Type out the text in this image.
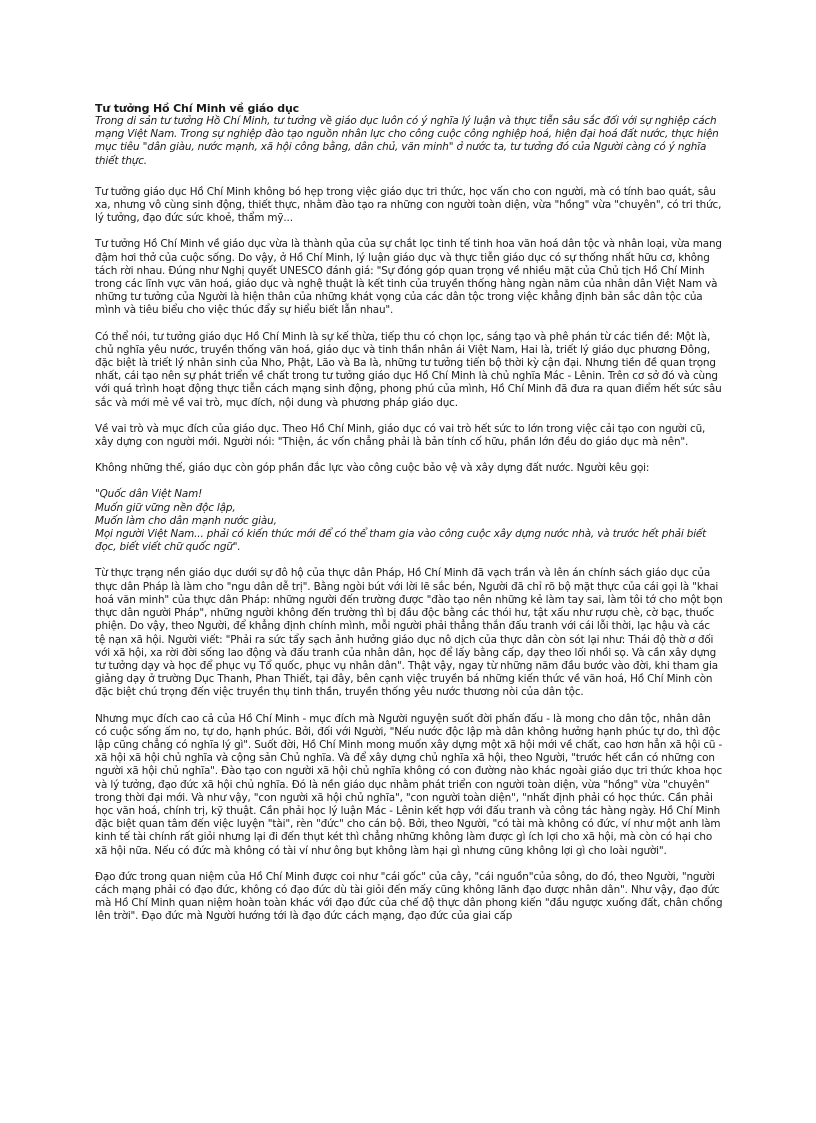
Tư tưởng Hồ Chí Minh về giáo dục

Trong di sản tư tưởng Hồ Chí Minh, tư tưởng về giáo dục luôn có ý nghĩa lý luận và thực tiễn sâu sắc đối với sự nghiệp cách mạng Việt Nam. Trong sự nghiệp đào tạo nguồn nhân lực cho công cuộc công nghiệp hoá, hiện đại hoá đất nước, thực hiện mục tiêu "dân giàu, nước mạnh, xã hội công bằng, dân chủ, văn minh" ở nước ta, tư tưởng đó của Người càng có ý nghĩa thiết thực.

Tư tưởng giáo dục Hồ Chí Minh không bó hẹp trong việc giáo dục tri thức, học vấn cho con người, mà có tính bao quát, sâu xa, nhưng vô cùng sinh động, thiết thực, nhằm đào tạo ra những con người toàn diện, vừa "hồng" vừa "chuyên", có tri thức, lý tưởng, đạo đức sức khoẻ, thẩm mỹ...

Tư tưởng Hồ Chí Minh về giáo dục vừa là thành qủa của sự chắt lọc tinh tế tinh hoa văn hoá dân tộc và nhân loại, vừa mang đậm hơi thở của cuộc sống. Do vậy, ở Hồ Chí Minh, lý luận giáo dục và thực tiễn giáo dục có sự thống nhất hữu cơ, không tách rời nhau. Đúng như Nghị quyết UNESCO đánh giá: "Sự đóng góp quan trọng về nhiều mặt của Chủ tịch Hồ Chí Minh trong các lĩnh vực văn hoá, giáo dục và nghệ thuật là kết tinh của truyền thống hàng ngàn năm của nhân dân Việt Nam và những tư tưởng của Người là hiện thân của những khát vọng của các dân tộc trong việc khẳng định bản sắc dân tộc của mình và tiêu biểu cho việc thúc đẩy sự hiểu biết lẫn nhau".

Có thể nói, tư tưởng giáo dục Hồ Chí Minh là sự kế thừa, tiếp thu có chọn lọc, sáng tạo và phê phán từ các tiền đề: Một là, chủ nghĩa yêu nước, truyền thống văn hoá, giáo dục và tinh thần nhân ái Việt Nam, Hai là, triết lý giáo dục phương Đông, đặc biệt là triết lý nhân sinh của Nho, Phật, Lão và Ba là, những tư tưởng tiến bộ thời kỳ cận đại. Nhưng tiền đề quan trọng nhất, cái tạo nên sự phát triển về chất trong tư tưởng giáo dục Hồ Chí Minh là chủ nghĩa Mác - Lênin. Trên cơ sở đó và cùng với quá trình hoạt động thực tiễn cách mạng sinh động, phong phú của mình, Hồ Chí Minh đã đưa ra quan điểm hết sức sâu sắc và mới mẻ về vai trò, mục đích, nội dung và phương pháp giáo dục.

Về vai trò và mục đích của giáo dục. Theo Hồ Chí Minh, giáo dục có vai trò hết sức to lớn trong việc cải tạo con người cũ, xây dựng con người mới. Người nói: "Thiện, ác vốn chẳng phải là bản tính cố hữu, phần lớn đều do giáo dục mà nên".

Không những thế, giáo dục còn góp phần đắc lực vào công cuộc bảo vệ và xây dựng đất nước. Người kêu gọi:

"Quốc dân Việt Nam!
Muốn giữ vững nền độc lập,
Muốn làm cho dân mạnh nước giàu,
Mọi người Việt Nam... phải có kiến thức mới để có thể tham gia vào công cuộc xây dựng nước nhà, và trước hết phải biết đọc, biết viết chữ quốc ngữ".

Từ thực trạng nền giáo dục dưới sự đô hộ của thực dân Pháp, Hồ Chí Minh đã vạch trần và lên án chính sách giáo dục của thực dân Pháp là làm cho "ngu dân dễ trị". Bằng ngòi bút với lời lẽ sắc bén, Người đã chỉ rõ bộ mặt thực của cái gọi là "khai hoá văn minh" của thực dân Pháp: những người đến trường được "đào tạo nên những kẻ làm tay sai, làm tôi tớ cho một bọn thực dân người Pháp", những người không đến trường thì bị đầu độc bằng các thói hư, tật xấu như rượu chè, cờ bạc, thuốc phiện. Do vậy, theo Người, để khẳng định chính mình, mỗi người phải thẳng thắn đấu tranh với cái lỗi thời, lạc hậu và các tệ nạn xã hội. Người viết: "Phải ra sức tẩy sạch ảnh hưởng giáo dục nô dịch của thực dân còn sót lại như: Thái độ thờ ơ đối với xã hội, xa rời đời sống lao động và đấu tranh của nhân dân, học để lấy bằng cấp, dạy theo lối nhồi sọ. Và cần xây dựng tư tưởng dạy và học để phục vụ Tổ quốc, phục vụ nhân dân". Thật vậy, ngay từ những năm đầu bước vào đời, khi tham gia giảng dạy ở trường Dục Thanh, Phan Thiết, tại đây, bên cạnh việc truyền bá những kiến thức về văn hoá, Hồ Chí Minh còn đặc biệt chú trọng đến việc truyền thụ tinh thần, truyền thống yêu nước thương nòi của dân tộc.

Nhưng mục đích cao cả của Hồ Chí Minh - mục đích mà Người nguyện suốt đời phấn đấu - là mong cho dân tộc, nhân dân có cuộc sống ấm no, tự do, hạnh phúc. Bởi, đối với Người, "Nếu nước độc lập mà dân không hưởng hạnh phúc tự do, thì độc lập cũng chẳng có nghĩa lý gì". Suốt đời, Hồ Chí Minh mong muốn xây dựng một xã hội mới về chất, cao hơn hẳn xã hội cũ - xã hội xã hội chủ nghĩa và cộng sản Chủ nghĩa. Và để xây dựng chủ nghĩa xã hội, theo Người, "trước hết cần có những con người xã hội chủ nghĩa". Đào tạo con người xã hội chủ nghĩa không có con đường nào khác ngoài giáo dục tri thức khoa học và lý tưởng, đạo đức xã hội chủ nghĩa. Đó là nền giáo dục nhằm phát triển con người toàn diện, vừa "hồng" vừa "chuyên" trong thời đại mới. Và như vậy, "con người xã hội chủ nghĩa", "con người toàn diện", "nhất định phải có học thức. Cần phải học văn hoá, chính trị, kỹ thuật. Cần phải học lý luận Mác - Lênin kết hợp với đấu tranh và công tác hàng ngày. Hồ Chí Minh đặc biệt quan tâm đến việc luyện "tài", rèn "đức" cho cán bộ. Bởi, theo Người, "có tài mà không có đức, ví như một anh làm kinh tế tài chính rất giỏi nhưng lại đi đến thụt két thì chẳng những không làm được gì ích lợi cho xã hội, mà còn có hại cho xã hội nữa. Nếu có đức mà không có tài ví như ông bụt không làm hại gì nhưng cũng không lợi gì cho loài người".

Đạo đức trong quan niệm của Hồ Chí Minh được coi như "cái gốc" của cây, "cái nguồn"của sông, do đó, theo Người, "người cách mạng phải có đạo đức, không có đạo đức dù tài giỏi đến mấy cũng không lãnh đạo được nhân dân". Như vậy, đạo đức mà Hồ Chí Minh quan niệm hoàn toàn khác với đạo đức của chế độ thực dân phong kiến "đầu ngược xuống đất, chân chổng lên trời". Đạo đức mà Người hướng tới là đạo đức cách mạng, đạo đức của giai cấp
